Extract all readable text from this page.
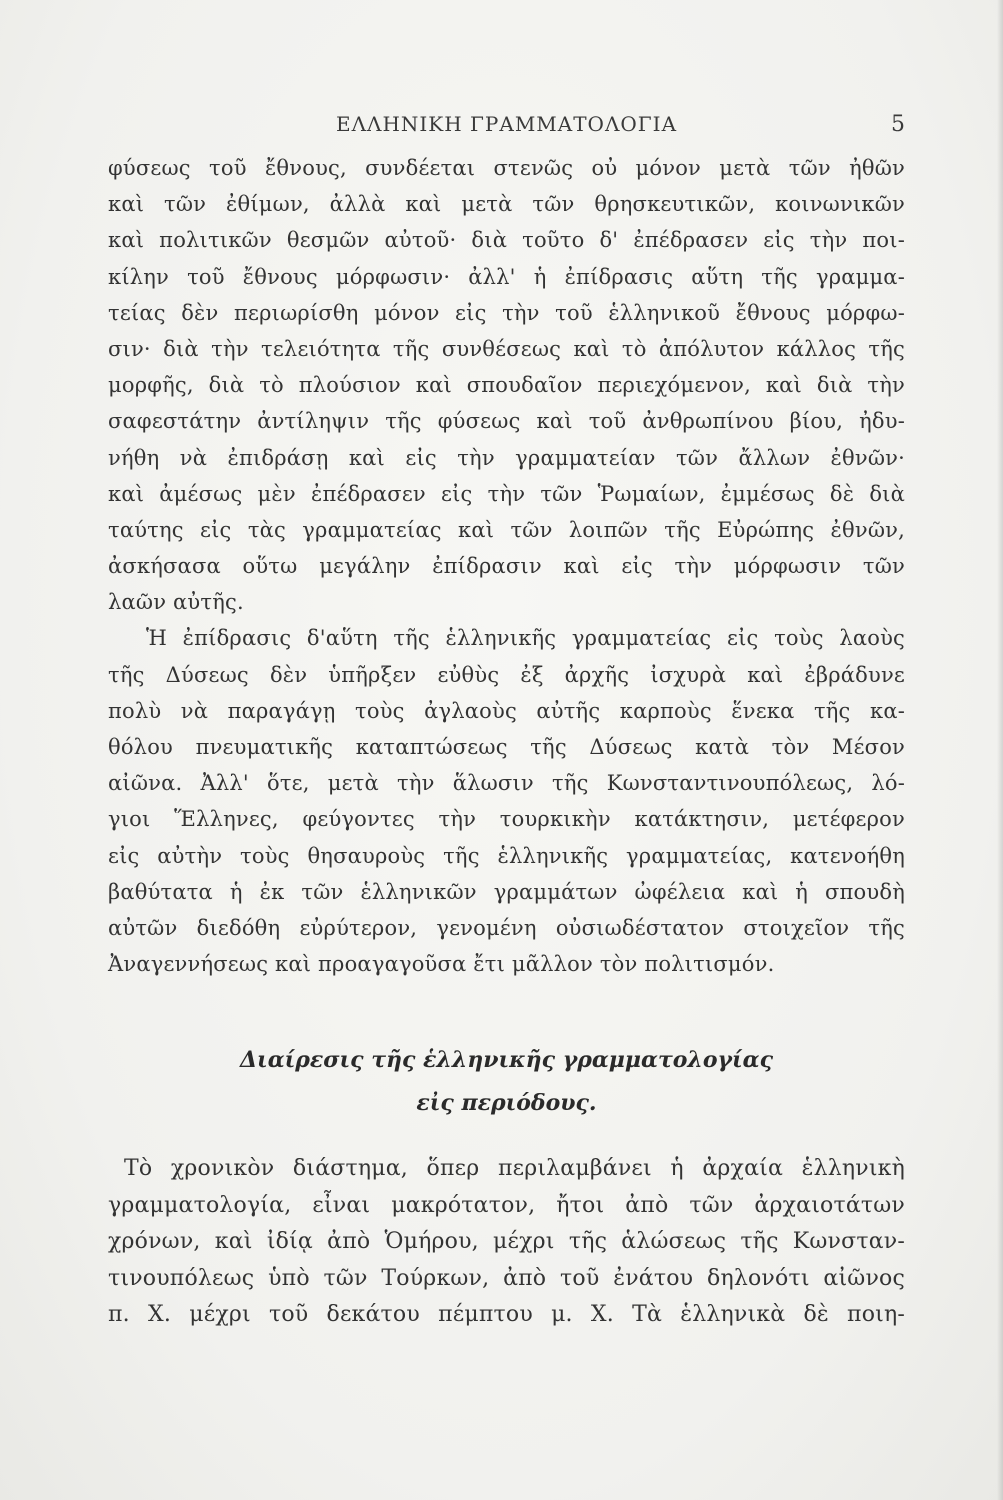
ΕΛΛΗΝΙΚΗ ΓΡΑΜΜΑΤΟΛΟΓΙΑ	5
φύσεως τοῦ ἔθνους, συνδέεται στενῶς οὐ μόνον μετὰ τῶν ἠθῶν
καὶ τῶν ἐθίμων, ἀλλὰ καὶ μετὰ τῶν θρησκευτικῶν, κοινωνικῶν
καὶ πολιτικῶν θεσμῶν αὐτοῦ· διὰ τοῦτο δ' ἐπέδρασεν εἰς τὴν ποι-
κίλην τοῦ ἔθνους μόρφωσιν· ἀλλ' ἡ ἐπίδρασις αὕτη τῆς γραμμα-
τείας δὲν περιωρίσθη μόνον εἰς τὴν τοῦ ἑλληνικοῦ ἔθνους μόρφω-
σιν· διὰ τὴν τελειότητα τῆς συνθέσεως καὶ τὸ ἀπόλυτον κάλλος τῆς
μορφῆς, διὰ τὸ πλούσιον καὶ σπουδαῖον περιεχόμενον, καὶ διὰ τὴν
σαφεστάτην ἀντίληψιν τῆς φύσεως καὶ τοῦ ἀνθρωπίνου βίου, ἠδυ-
νήθη νὰ ἐπιδράσῃ καὶ εἰς τὴν γραμματείαν τῶν ἄλλων ἐθνῶν·
καὶ ἀμέσως μὲν ἐπέδρασεν εἰς τὴν τῶν Ῥωμαίων, ἐμμέσως δὲ διὰ
ταύτης εἰς τὰς γραμματείας καὶ τῶν λοιπῶν τῆς Εὐρώπης ἐθνῶν,
ἀσκήσασα οὕτω μεγάλην ἐπίδρασιν καὶ εἰς τὴν μόρφωσιν τῶν
λαῶν αὐτῆς.
Ἡ ἐπίδρασις δ'αὕτη τῆς ἑλληνικῆς γραμματείας εἰς τοὺς λαοὺς
τῆς Δύσεως δὲν ὑπῆρξεν εὐθὺς ἐξ ἀρχῆς ἰσχυρὰ καὶ ἐβράδυνε
πολὺ νὰ παραγάγῃ τοὺς ἀγλαοὺς αὐτῆς καρποὺς ἕνεκα τῆς κα-
θόλου πνευματικῆς καταπτώσεως τῆς Δύσεως κατὰ τὸν Μέσον
αἰῶνα. Ἀλλ' ὅτε, μετὰ τὴν ἅλωσιν τῆς Κωνσταντινουπόλεως, λό-
γιοι Ἕλληνες, φεύγοντες τὴν τουρκικὴν κατάκτησιν, μετέφερον
εἰς αὐτὴν τοὺς θησαυροὺς τῆς ἑλληνικῆς γραμματείας, κατενοήθη
βαθύτατα ἡ ἐκ τῶν ἑλληνικῶν γραμμάτων ὠφέλεια καὶ ἡ σπουδὴ
αὐτῶν διεδόθη εὐρύτερον, γενομένη οὐσιωδέστατον στοιχεῖον τῆς
Ἀναγεννήσεως καὶ προαγαγοῦσα ἔτι μᾶλλον τὸν πολιτισμόν.
Διαίρεσις τῆς ἑλληνικῆς γραμματολογίας
εἰς περιόδους.
Τὸ χρονικὸν διάστημα, ὅπερ περιλαμβάνει ἡ ἀρχαία ἑλληνικὴ
γραμματολογία, εἶναι μακρότατον, ἤτοι ἀπὸ τῶν ἀρχαιοτάτων
χρόνων, καὶ ἰδίᾳ ἀπὸ Ὁμήρου, μέχρι τῆς ἁλώσεως τῆς Κωνσταν-
τινουπόλεως ὑπὸ τῶν Τούρκων, ἀπὸ τοῦ ἐνάτου δηλονότι αἰῶνος
π. Χ. μέχρι τοῦ δεκάτου πέμπτου μ. Χ. Τὰ ἑλληνικὰ δὲ ποιη-
